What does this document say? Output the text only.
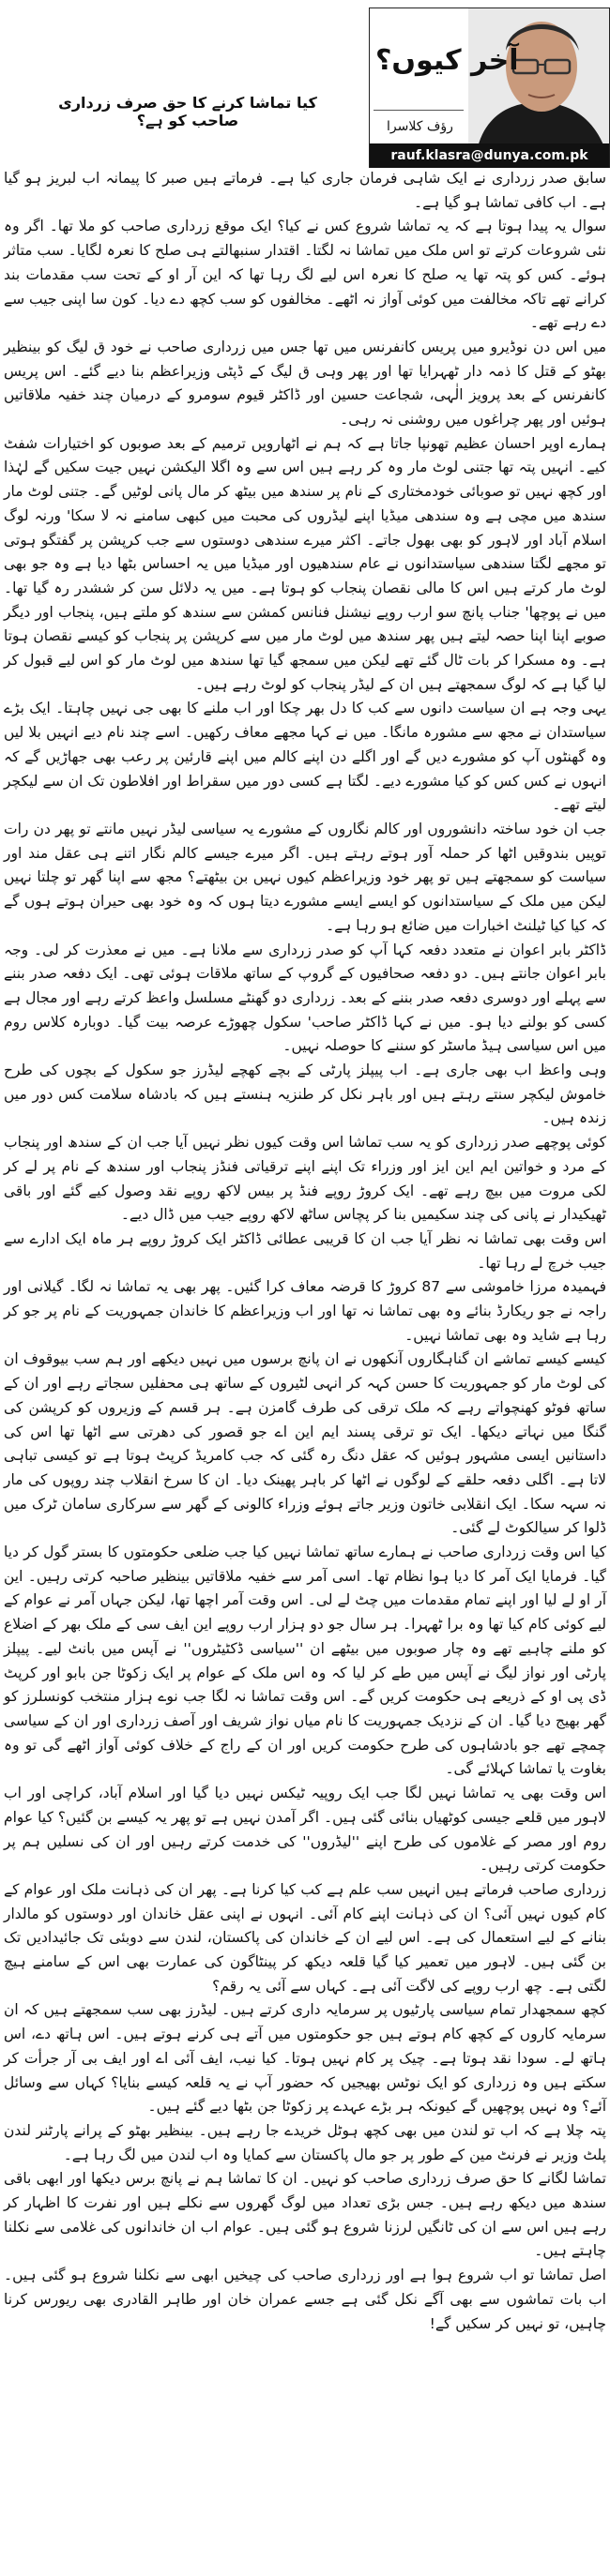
کیا تماشا کرنے کا حق صرف زرداری صاحب کو ہے؟
آخر کیوں؟
رؤف کلاسرا
rauf.klasra@dunya.com.pk

سابق صدر زرداری نے ایک شاہی فرمان جاری کیا ہے۔ فرماتے ہیں صبر کا پیمانہ اب لبریز ہو گیا ہے۔ اب کافی تماشا ہو گیا ہے۔

سوال یہ پیدا ہوتا ہے کہ یہ تماشا شروع کس نے کیا؟ ایک موقع زرداری صاحب کو ملا تھا۔ اگر وہ نئی شروعات کرتے تو اس ملک میں تماشا نہ لگتا۔ اقتدار سنبھالتے ہی صلح کا نعرہ لگایا۔ سب متاثر ہوئے۔ کس کو پتہ تھا یہ صلح کا نعرہ اس لیے لگ رہا تھا کہ این آر او کے تحت سب مقدمات بند کرانے تھے تاکہ مخالفت میں کوئی آواز نہ اٹھے۔ مخالفوں کو سب کچھ دے دیا۔ کون سا اپنی جیب سے دے رہے تھے۔

میں اس دن نوڈیرو میں پریس کانفرنس میں تھا جس میں زرداری صاحب نے خود ق لیگ کو بینظیر بھٹو کے قتل کا ذمہ دار ٹھہرایا تھا اور پھر وہی ق لیگ کے ڈپٹی وزیراعظم بنا دیے گئے۔ اس پریس کانفرنس کے بعد پرویز الٰہی، شجاعت حسین اور ڈاکٹر قیوم سومرو کے درمیان چند خفیہ ملاقاتیں ہوئیں اور پھر چراغوں میں روشنی نہ رہی۔

ہمارے اوپر احسان عظیم تھونپا جاتا ہے کہ ہم نے اٹھارویں ترمیم کے بعد صوبوں کو اختیارات شفٹ کیے۔ انہیں پتہ تھا جتنی لوٹ مار وہ کر رہے ہیں اس سے وہ اگلا الیکشن نہیں جیت سکیں گے لہٰذا اور کچھ نہیں تو صوبائی خودمختاری کے نام پر سندھ میں بیٹھ کر مال پانی لوٹیں گے۔ جتنی لوٹ مار سندھ میں مچی ہے وہ سندھی میڈیا اپنے لیڈروں کی محبت میں کبھی سامنے نہ لا سکا' ورنہ لوگ اسلام آباد اور لاہور کو بھی بھول جاتے۔ اکثر میرے سندھی دوستوں سے جب کرپشن پر گفتگو ہوتی تو مجھے لگتا سندھی سیاستدانوں نے عام سندھیوں اور میڈیا میں یہ احساس بٹھا دیا ہے وہ جو بھی لوٹ مار کرتے ہیں اس کا مالی نقصان پنجاب کو ہوتا ہے۔ میں یہ دلائل سن کر ششدر رہ گیا تھا۔ میں نے پوچھا' جناب پانچ سو ارب روپے نیشنل فنانس کمشن سے سندھ کو ملتے ہیں، پنجاب اور دیگر صوبے اپنا اپنا حصہ لیتے ہیں پھر سندھ میں لوٹ مار میں سے کرپشن پر پنجاب کو کیسے نقصان ہوتا ہے۔ وہ مسکرا کر بات ٹال گئے تھے لیکن میں سمجھ گیا تھا سندھ میں لوٹ مار کو اس لیے قبول کر لیا گیا ہے کہ لوگ سمجھتے ہیں ان کے لیڈر پنجاب کو لوٹ رہے ہیں۔

یہی وجہ ہے ان سیاست دانوں سے کب کا دل بھر چکا اور اب ملنے کا بھی جی نہیں چاہتا۔ ایک بڑے سیاستدان نے مجھ سے مشورہ مانگا۔ میں نے کہا مجھے معاف رکھیں۔ اسے چند نام دیے انہیں بلا لیں وہ گھنٹوں آپ کو مشورے دیں گے اور اگلے دن اپنے کالم میں اپنے قارئین پر رعب بھی جھاڑیں گے کہ انہوں نے کس کس کو کیا مشورے دیے۔ لگتا ہے کسی دور میں سقراط اور افلاطون تک ان سے لیکچر لیتے تھے۔

جب ان خود ساختہ دانشوروں اور کالم نگاروں کے مشورے یہ سیاسی لیڈر نہیں مانتے تو پھر دن رات توپیں بندوقیں اٹھا کر حملہ آور ہوتے رہتے ہیں۔ اگر میرے جیسے کالم نگار اتنے ہی عقل مند اور سیاست کو سمجھتے ہیں تو پھر خود وزیراعظم کیوں نہیں بن بیٹھتے؟ مجھ سے اپنا گھر تو چلتا نہیں لیکن میں ملک کے سیاستدانوں کو ایسے ایسے مشورے دیتا ہوں کہ وہ خود بھی حیران ہوتے ہوں گے کہ کیا کیا ٹیلنٹ اخبارات میں ضائع ہو رہا ہے۔

ڈاکٹر بابر اعوان نے متعدد دفعہ کہا آپ کو صدر زرداری سے ملانا ہے۔ میں نے معذرت کر لی۔ وجہ بابر اعوان جانتے ہیں۔ دو دفعہ صحافیوں کے گروپ کے ساتھ ملاقات ہوئی تھی۔ ایک دفعہ صدر بننے سے پہلے اور دوسری دفعہ صدر بننے کے بعد۔ زرداری دو گھنٹے مسلسل واعظ کرتے رہے اور مجال ہے کسی کو بولنے دیا ہو۔ میں نے کہا ڈاکٹر صاحب' سکول چھوڑے عرصہ بیت گیا۔ دوبارہ کلاس روم میں اس سیاسی ہیڈ ماسٹر کو سننے کا حوصلہ نہیں۔

وہی واعظ اب بھی جاری ہے۔ اب پیپلز پارٹی کے بچے کھچے لیڈرز جو سکول کے بچوں کی طرح خاموش لیکچر سنتے رہتے ہیں اور باہر نکل کر طنزیہ ہنستے ہیں کہ بادشاہ سلامت کس دور میں زندہ ہیں۔

کوئی پوچھے صدر زرداری کو یہ سب تماشا اس وقت کیوں نظر نہیں آیا جب ان کے سندھ اور پنجاب کے مرد و خواتین ایم این ایز اور وزراء تک اپنے اپنے ترقیاتی فنڈز پنجاب اور سندھ کے نام پر لے کر لکی مروت میں بیچ رہے تھے۔ ایک کروڑ روپے فنڈ پر بیس لاکھ روپے نقد وصول کیے گئے اور باقی ٹھیکیدار نے پانی کی چند سکیمیں بنا کر پچاس ساٹھ لاکھ روپے جیب میں ڈال دیے۔

اس وقت بھی تماشا نہ نظر آیا جب ان کا قریبی عطائی ڈاکٹر ایک کروڑ روپے ہر ماہ ایک ادارے سے جیب خرچ لے رہا تھا۔

فہمیدہ مرزا خاموشی سے 87 کروڑ کا قرضہ معاف کرا گئیں۔ پھر بھی یہ تماشا نہ لگا۔ گیلانی اور راجہ نے جو ریکارڈ بنائے وہ بھی تماشا نہ تھا اور اب وزیراعظم کا خاندان جمہوریت کے نام پر جو کر رہا ہے شاید وہ بھی تماشا نہیں۔

کیسے کیسے تماشے ان گناہگاروں آنکھوں نے ان پانچ برسوں میں نہیں دیکھے اور ہم سب بیوقوف ان کی لوٹ مار کو جمہوریت کا حسن کہہ کر انہی لٹیروں کے ساتھ ہی محفلیں سجاتے رہے اور ان کے ساتھ فوٹو کھنچواتے رہے کہ ملک ترقی کی طرف گامزن ہے۔ ہر قسم کے وزیروں کو کرپشن کی گنگا میں نہاتے دیکھا۔ ایک تو ترقی پسند ایم این اے جو قصور کی دھرتی سے اٹھا تھا اس کی داستانیں ایسی مشہور ہوئیں کہ عقل دنگ رہ گئی کہ جب کامریڈ کرپٹ ہوتا ہے تو کیسی تباہی لاتا ہے۔ اگلی دفعہ حلقے کے لوگوں نے اٹھا کر باہر پھینک دیا۔ ان کا سرخ انقلاب چند روپوں کی مار نہ سہہ سکا۔ ایک انقلابی خاتون وزیر جاتے ہوئے وزراء کالونی کے گھر سے سرکاری سامان ٹرک میں ڈلوا کر سیالکوٹ لے گئی۔

کیا اس وقت زرداری صاحب نے ہمارے ساتھ تماشا نہیں کیا جب ضلعی حکومتوں کا بستر گول کر دیا گیا۔ فرمایا ایک آمر کا دیا ہوا نظام تھا۔ اسی آمر سے خفیہ ملاقاتیں بینظیر صاحبہ کرتی رہیں۔ این آر او لے لیا اور اپنے تمام مقدمات میں چٹ لے لی۔ اس وقت آمر اچھا تھا، لیکن جہاں آمر نے عوام کے لیے کوئی کام کیا تھا وہ برا ٹھہرا۔ ہر سال جو دو ہزار ارب روپے این ایف سی کے ملک بھر کے اضلاع کو ملنے چاہیے تھے وہ چار صوبوں میں بیٹھے ان ''سیاسی ڈکٹیٹروں'' نے آپس میں بانٹ لیے۔ پیپلز پارٹی اور نواز لیگ نے آپس میں طے کر لیا کہ وہ اس ملک کے عوام پر ایک زکوٹا جن بابو اور کرپٹ ڈی پی او کے ذریعے ہی حکومت کریں گے۔ اس وقت تماشا نہ لگا جب نوے ہزار منتخب کونسلرز کو گھر بھیج دیا گیا۔ ان کے نزدیک جمہوریت کا نام میاں نواز شریف اور آصف زرداری اور ان کے سیاسی چمچے تھے جو بادشاہوں کی طرح حکومت کریں اور ان کے راج کے خلاف کوئی آواز اٹھے گی تو وہ بغاوت یا تماشا کہلائے گی۔

اس وقت بھی یہ تماشا نہیں لگا جب ایک روپیہ ٹیکس نہیں دیا گیا اور اسلام آباد، کراچی اور اب لاہور میں قلعے جیسی کوٹھیاں بنائی گئی ہیں۔ اگر آمدن نہیں ہے تو پھر یہ کیسے بن گئیں؟ کیا عوام روم اور مصر کے غلاموں کی طرح اپنے ''لیڈروں'' کی خدمت کرتے رہیں اور ان کی نسلیں ہم پر حکومت کرتی رہیں۔

زرداری صاحب فرماتے ہیں انہیں سب علم ہے کب کیا کرنا ہے۔ پھر ان کی ذہانت ملک اور عوام کے کام کیوں نہیں آئی؟ ان کی ذہانت اپنے کام آئی۔ انہوں نے اپنی عقل خاندان اور دوستوں کو مالدار بنانے کے لیے استعمال کی ہے۔ اس لیے ان کے خاندان کی پاکستان، لندن سے دوبئی تک جائیدادیں تک بن گئی ہیں۔ لاہور میں تعمیر کیا گیا قلعہ دیکھ کر پینٹاگون کی عمارت بھی اس کے سامنے ہیچ لگتی ہے۔ چھ ارب روپے کی لاگت آئی ہے۔ کہاں سے آئی یہ رقم؟

کچھ سمجھدار تمام سیاسی پارٹیوں پر سرمایہ داری کرتے ہیں۔ لیڈرز بھی سب سمجھتے ہیں کہ ان سرمایہ کاروں کے کچھ کام ہوتے ہیں جو حکومتوں میں آتے ہی کرنے ہوتے ہیں۔ اس ہاتھ دے، اس ہاتھ لے۔ سودا نقد ہوتا ہے۔ چیک پر کام نہیں ہوتا۔ کیا نیب، ایف آئی اے اور ایف بی آر جرأت کر سکتے ہیں وہ زرداری کو ایک نوٹس بھیجیں کہ حضور آپ نے یہ قلعہ کیسے بنایا؟ کہاں سے وسائل آئے؟ وہ نہیں پوچھیں گے کیونکہ ہر بڑے عہدے پر زکوٹا جن بٹھا دیے گئے ہیں۔

پتہ چلا ہے کہ اب تو لندن میں بھی کچھ ہوٹل خریدے جا رہے ہیں۔ بینظیر بھٹو کے پرانے پارٹنر لندن پلٹ وزیر نے فرنٹ مین کے طور پر جو مال پاکستان سے کمایا وہ اب لندن میں لگ رہا ہے۔

تماشا لگانے کا حق صرف زرداری صاحب کو نہیں۔ ان کا تماشا ہم نے پانچ برس دیکھا اور ابھی باقی سندھ میں دیکھ رہے ہیں۔ جس بڑی تعداد میں لوگ گھروں سے نکلے ہیں اور نفرت کا اظہار کر رہے ہیں اس سے ان کی ٹانگیں لرزنا شروع ہو گئی ہیں۔ عوام اب ان خاندانوں کی غلامی سے نکلنا چاہتے ہیں۔

اصل تماشا تو اب شروع ہوا ہے اور زرداری صاحب کی چیخیں ابھی سے نکلنا شروع ہو گئی ہیں۔ اب بات تماشوں سے بھی آگے نکل گئی ہے جسے عمران خان اور طاہر القادری بھی ریورس کرنا چاہیں، تو نہیں کر سکیں گے!
